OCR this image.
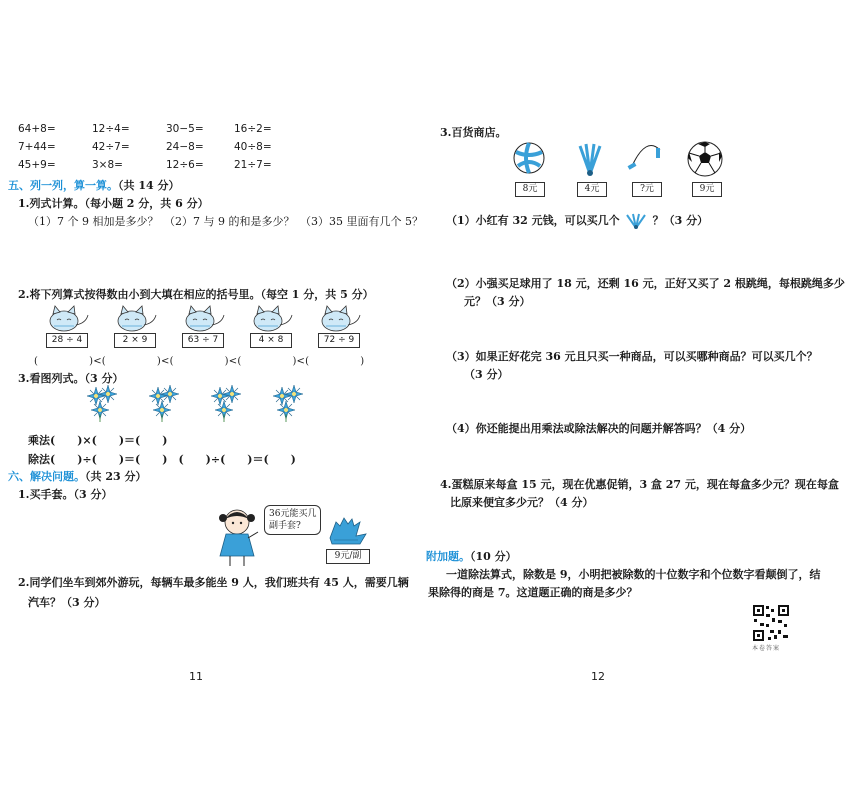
64+8=	12÷4=	30−5=	16÷2=
7+44=	42÷7=	24−8=	40÷8=
45+9=	3×8=	12÷6=	21÷7=
五、列一列，算一算。（共 14 分）
1.列式计算。（每小题 2 分，共 6 分）
（1）7 个 9 相加是多少？　（2）7 与 9 的和是多少？　（3）35 里面有几个 5？
2.将下列算式按得数由小到大填在相应的括号里。（每空 1 分，共 5 分）
28 ÷ 4	2 × 9	63 ÷ 7	4 × 8	72 ÷ 9
(　　　　　)<(　　　　　)<(　　　　　)<(　　　　　)<(　　　　　)
3.看图列式。（3 分）
乘法(　　)×(　　)＝(　　)
除法(　　)÷(　　)＝(　　)　(　　)÷(　　)＝(　　)
六、解决问题。（共 23 分）
1.买手套。（3 分）
36元能买几
副手套?
9元/副
2.同学们坐车到郊外游玩，每辆车最多能坐 9 人，我们班共有 45 人，需要几辆
汽车？（3 分）
11
3.百货商店。
8元	4元	?元	9元
（1）小红有 32 元钱，可以买几个	？（3 分）
（2）小强买足球用了 18 元，还剩 16 元，正好又买了 2 根跳绳，每根跳绳多少
元？（3 分）
（3）如果正好花完 36 元且只买一种商品，可以买哪种商品？可以买几个？
（3 分）
（4）你还能提出用乘法或除法解决的问题并解答吗？（4 分）
4.蛋糕原来每盒 15 元，现在优惠促销，3 盒 27 元，现在每盒多少元？现在每盒
比原来便宜多少元？（4 分）
附加题。（10 分）
一道除法算式，除数是 9，小明把被除数的十位数字和个位数字看颠倒了，结
果除得的商是 7。这道题正确的商是多少？
本卷答案
12
